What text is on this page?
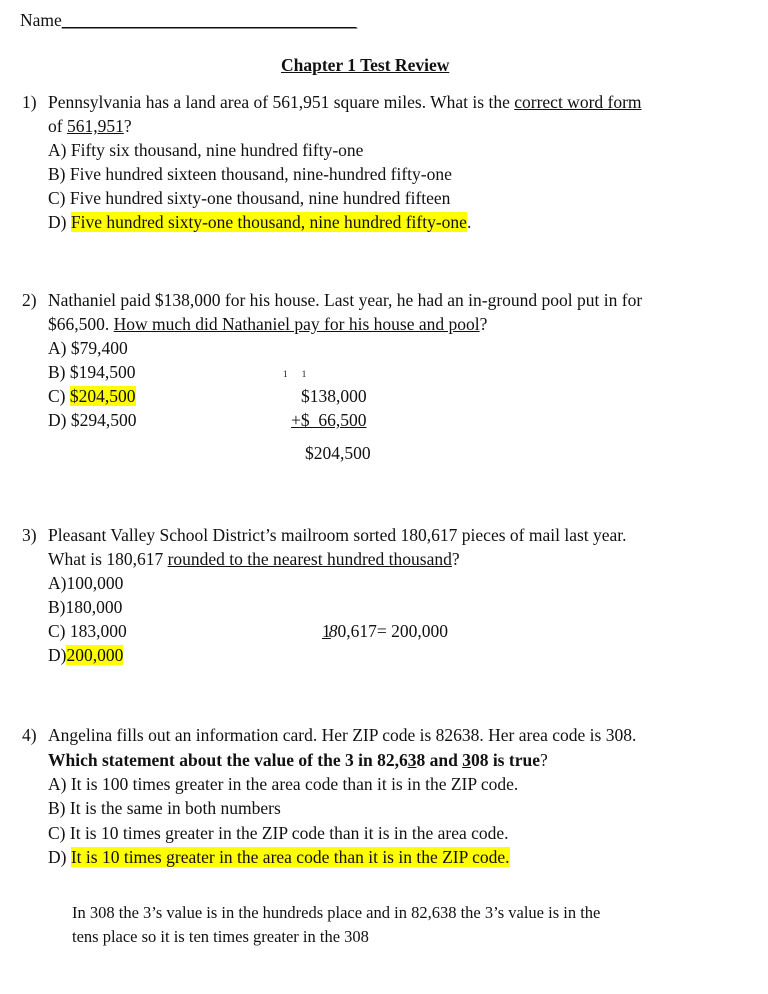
Name______________________________________
Chapter 1 Test Review
1) Pennsylvania has a land area of 561,951 square miles. What is the correct word form
of 561,951?
A) Fifty six thousand, nine hundred fifty-one
B) Five hundred sixteen thousand, nine-hundred fifty-one
C) Five hundred sixty-one thousand, nine hundred fifteen
D) Five hundred sixty-one thousand, nine hundred fifty-one.
2) Nathaniel paid $138,000 for his house. Last year, he had an in-ground pool put in for
$66,500. How much did Nathaniel pay for his house and pool?
A) $79,400
B) $194,500
C) $204,500
D) $294,500
1 1
$138,000
+$  66,500
$204,500
3) Pleasant Valley School District’s mailroom sorted 180,617 pieces of mail last year.
What is 180,617 rounded to the nearest hundred thousand?
A)100,000
B)180,000
C) 183,000
D)200,000
180,617= 200,000
4) Angelina fills out an information card. Her ZIP code is 82638. Her area code is 308.
Which statement about the value of the 3 in 82,638 and 308 is true?
A) It is 100 times greater in the area code than it is in the ZIP code.
B) It is the same in both numbers
C) It is 10 times greater in the ZIP code than it is in the area code.
D) It is 10 times greater in the area code than it is in the ZIP code.
In 308 the 3’s value is in the hundreds place and in 82,638 the 3’s value is in the
tens place so it is ten times greater in the 308
